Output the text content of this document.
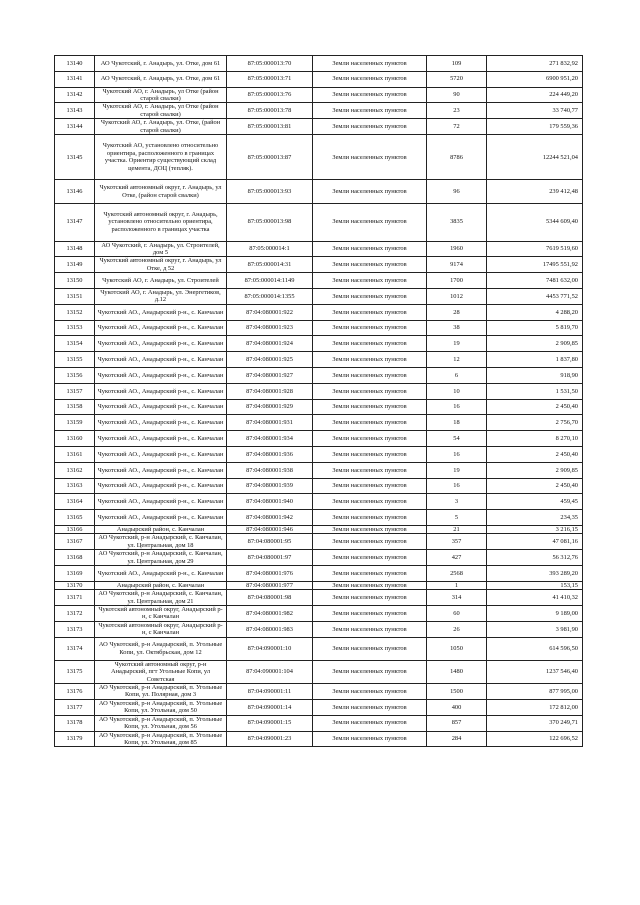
13140	АО Чукотский, г. Анадырь, ул. Отке, дом 61	87:05:000013:70	Земли населенных пунктов	109	271 832,92
13141	АО Чукотский, г. Анадырь, ул. Отке, дом 61	87:05:000013:71	Земли населенных пунктов	5720	6900 951,20
13142	Чукотский АО, г. Анадырь, ул Отке (район старой свалки)	87:05:000013:76	Земли населенных пунктов	90	224 449,20
13143	Чукотский АО, г. Анадырь, ул Отке (район старой свалки)	87:05:000013:78	Земли населенных пунктов	23	33 740,77
13144	Чукотский АО, г. Анадырь, ул. Отке, (район старой свалки)	87:05:000013:81	Земли населенных пунктов	72	179 559,36
13145	Чукотский АО, установлено относительно ориентира, расположенного в границах участка. Ориентир существующий склад цемента, ДОЦ (тепляк).	87:05:000013:87	Земли населенных пунктов	8786	12244 521,04
13146	Чукотский автономный округ, г. Анадырь, ул Отке, (район старой свалки)	87:05:000013:93	Земли населенных пунктов	96	239 412,48
13147	Чукотский автономный округ, г. Анадырь, установлено относительно ориентира, расположенного в границах участка	87:05:000013:98	Земли населенных пунктов	3835	5344 609,40
13148	АО Чукотский, г. Анадырь, ул. Строителей, дом 5	87:05:000014:1	Земли населенных пунктов	1960	7619 519,60
13149	Чукотский автономный округ, г. Анадырь, ул Отке, д 52	87:05:000014:31	Земли населенных пунктов	9174	17495 551,92
13150	Чукотский АО, г. Анадырь, ул. Строителей	87:05:000014:1149	Земли населенных пунктов	1700	7481 632,00
13151	Чукотский АО, г. Анадырь, ул. Энергетиков, д.12	87:05:000014:1355	Земли населенных пунктов	1012	4453 771,52
13152	Чукотский АО., Анадырский р-н., с. Канчалан	87:04:080001:922	Земли населенных пунктов	28	4 288,20
13153	Чукотский АО., Анадырский р-н., с. Канчалан	87:04:080001:923	Земли населенных пунктов	38	5 819,70
13154	Чукотский АО., Анадырский р-н., с. Канчалан	87:04:080001:924	Земли населенных пунктов	19	2 909,85
13155	Чукотский АО., Анадырский р-н., с. Канчалан	87:04:080001:925	Земли населенных пунктов	12	1 837,80
13156	Чукотский АО., Анадырский р-н., с. Канчалан	87:04:080001:927	Земли населенных пунктов	6	918,90
13157	Чукотский АО., Анадырский р-н., с. Канчалан	87:04:080001:928	Земли населенных пунктов	10	1 531,50
13158	Чукотский АО., Анадырский р-н., с. Канчалан	87:04:080001:929	Земли населенных пунктов	16	2 450,40
13159	Чукотский АО., Анадырский р-н., с. Канчалан	87:04:080001:931	Земли населенных пунктов	18	2 756,70
13160	Чукотский АО., Анадырский р-н., с. Канчалан	87:04:080001:934	Земли населенных пунктов	54	8 270,10
13161	Чукотский АО., Анадырский р-н., с. Канчалан	87:04:080001:936	Земли населенных пунктов	16	2 450,40
13162	Чукотский АО., Анадырский р-н., с. Канчалан	87:04:080001:938	Земли населенных пунктов	19	2 909,85
13163	Чукотский АО., Анадырский р-н., с. Канчалан	87:04:080001:939	Земли населенных пунктов	16	2 450,40
13164	Чукотский АО., Анадырский р-н., с. Канчалан	87:04:080001:940	Земли населенных пунктов	3	459,45
13165	Чукотский АО., Анадырский р-н., с. Канчалан	87:04:080001:942	Земли населенных пунктов	5	234,35
13166	Анадырский район, с. Канчалан	87:04:080001:946	Земли населенных пунктов	21	3 216,15
13167	АО Чукотский, р-н Анадырский, с. Канчалан, ул. Центральная, дом 18	87:04:080001:95	Земли населенных пунктов	357	47 081,16
13168	АО Чукотский, р-н Анадырский, с. Канчалан, ул. Центральная, дом 29	87:04:080001:97	Земли населенных пунктов	427	56 312,76
13169	Чукотский АО., Анадырский р-н., с. Канчалан	87:04:080001:976	Земли населенных пунктов	2568	393 289,20
13170	Анадырский район, с. Канчалан	87:04:080001:977	Земли населенных пунктов	1	153,15
13171	АО Чукотский, р-н Анадырский, с. Канчалан, ул. Центральная, дом 21	87:04:080001:98	Земли населенных пунктов	314	41 410,32
13172	Чукотский автономный округ, Анадырский р-н, с Канчалан	87:04:080001:982	Земли населенных пунктов	60	9 189,00
13173	Чукотский автономный округ, Анадырский р-н, с Канчалан	87:04:080001:983	Земли населенных пунктов	26	3 981,90
13174	АО Чукотский, р-н Анадырский, п. Угольные Копи, ул. Октябрьская, дом 12	87:04:090001:10	Земли населенных пунктов	1050	614 596,50
13175	Чукотский автономный округ, р-н Анадырский, пгт Угольные Копи, ул Советская	87:04:090001:104	Земли населенных пунктов	1480	1237 546,40
13176	АО Чукотский, р-н Анадырский, п. Угольные Копи, ул. Полярная, дом 3	87:04:090001:11	Земли населенных пунктов	1500	877 995,00
13177	АО Чукотский, р-н Анадырский, п. Угольные Копи, ул. Угольная, дом 50	87:04:090001:14	Земли населенных пунктов	400	172 812,00
13178	АО Чукотский, р-н Анадырский, п. Угольные Копи, ул. Угольная, дом 56	87:04:090001:15	Земли населенных пунктов	857	370 249,71
13179	АО Чукотский, р-н Анадырский, п. Угольные Копи, ул. Угольная, дом 85	87:04:090001:23	Земли населенных пунктов	284	122 696,52
